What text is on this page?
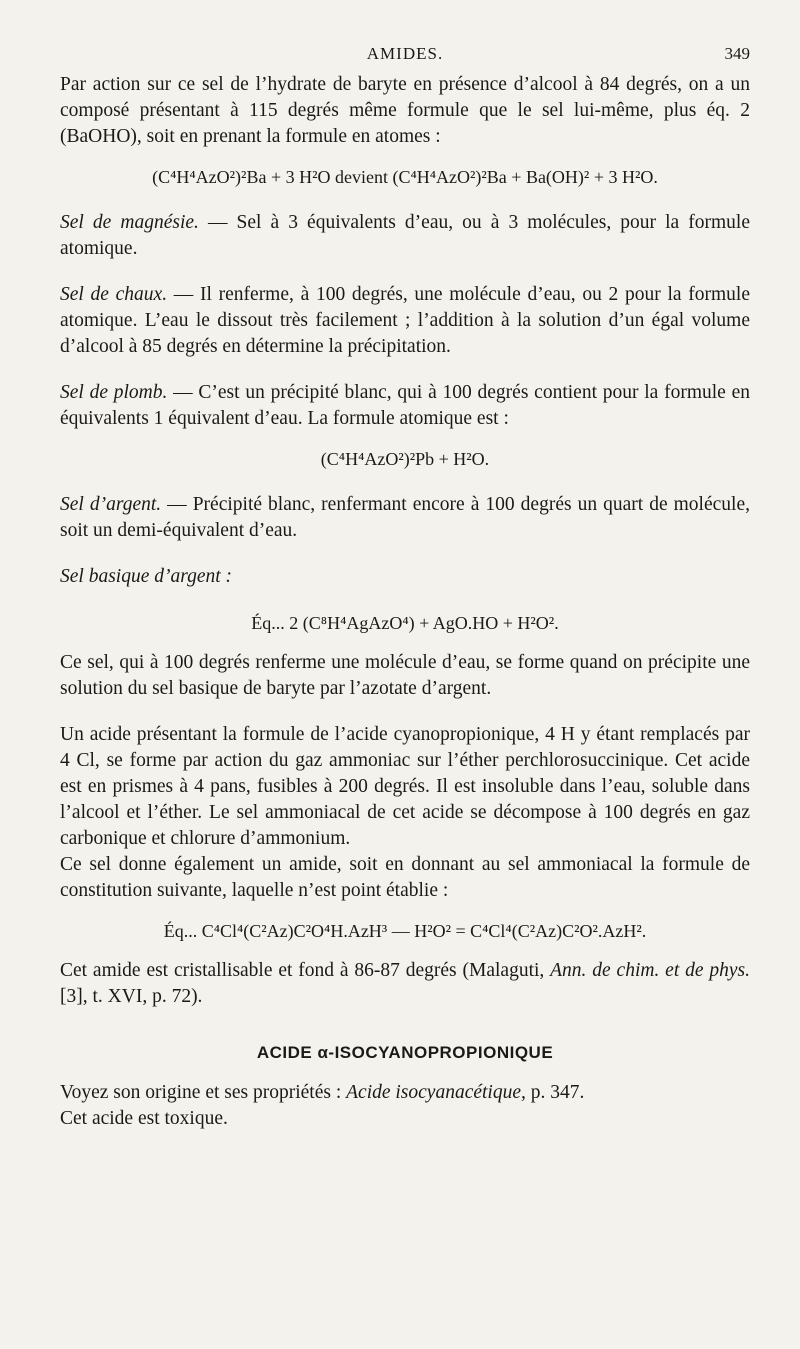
AMIDES.	349

Par action sur ce sel de l’hydrate de baryte en présence d’alcool à 84 degrés, on a un composé présentant à 115 degrés même formule que le sel lui-même, plus éq. 2 (BaOHO), soit en prenant la formule en atomes :

(C⁴H⁴AzO²)²Ba + 3 H²O devient (C⁴H⁴AzO²)²Ba + Ba(OH)² + 3 H²O.

Sel de magnésie. — Sel à 3 équivalents d’eau, ou à 3 molécules, pour la formule atomique.

Sel de chaux. — Il renferme, à 100 degrés, une molécule d’eau, ou 2 pour la formule atomique. L’eau le dissout très facilement ; l’addition à la solution d’un égal volume d’alcool à 85 degrés en détermine la précipitation.

Sel de plomb. — C’est un précipité blanc, qui à 100 degrés contient pour la formule en équivalents 1 équivalent d’eau. La formule atomique est :

(C⁴H⁴AzO²)²Pb + H²O.

Sel d’argent. — Précipité blanc, renfermant encore à 100 degrés un quart de molécule, soit un demi-équivalent d’eau.

Sel basique d’argent :

Éq... 2 (C⁸H⁴AgAzO⁴) + AgO.HO + H²O².

Ce sel, qui à 100 degrés renferme une molécule d’eau, se forme quand on précipite une solution du sel basique de baryte par l’azotate d’argent.

Un acide présentant la formule de l’acide cyanopropionique, 4 H y étant remplacés par 4 Cl, se forme par action du gaz ammoniac sur l’éther perchlorosuccinique. Cet acide est en prismes à 4 pans, fusibles à 200 degrés. Il est insoluble dans l’eau, soluble dans l’alcool et l’éther. Le sel ammoniacal de cet acide se décompose à 100 degrés en gaz carbonique et chlorure d’ammonium.

Ce sel donne également un amide, soit en donnant au sel ammoniacal la formule de constitution suivante, laquelle n’est point établie :

Éq... C⁴Cl⁴(C²Az)C²O⁴H.AzH³ — H²O² = C⁴Cl⁴(C²Az)C²O².AzH².

Cet amide est cristallisable et fond à 86-87 degrés (Malaguti, Ann. de chim. et de phys. [3], t. XVI, p. 72).

ACIDE α-ISOCYANOPROPIONIQUE

Voyez son origine et ses propriétés : Acide isocyanacétique, p. 347.

Cet acide est toxique.
